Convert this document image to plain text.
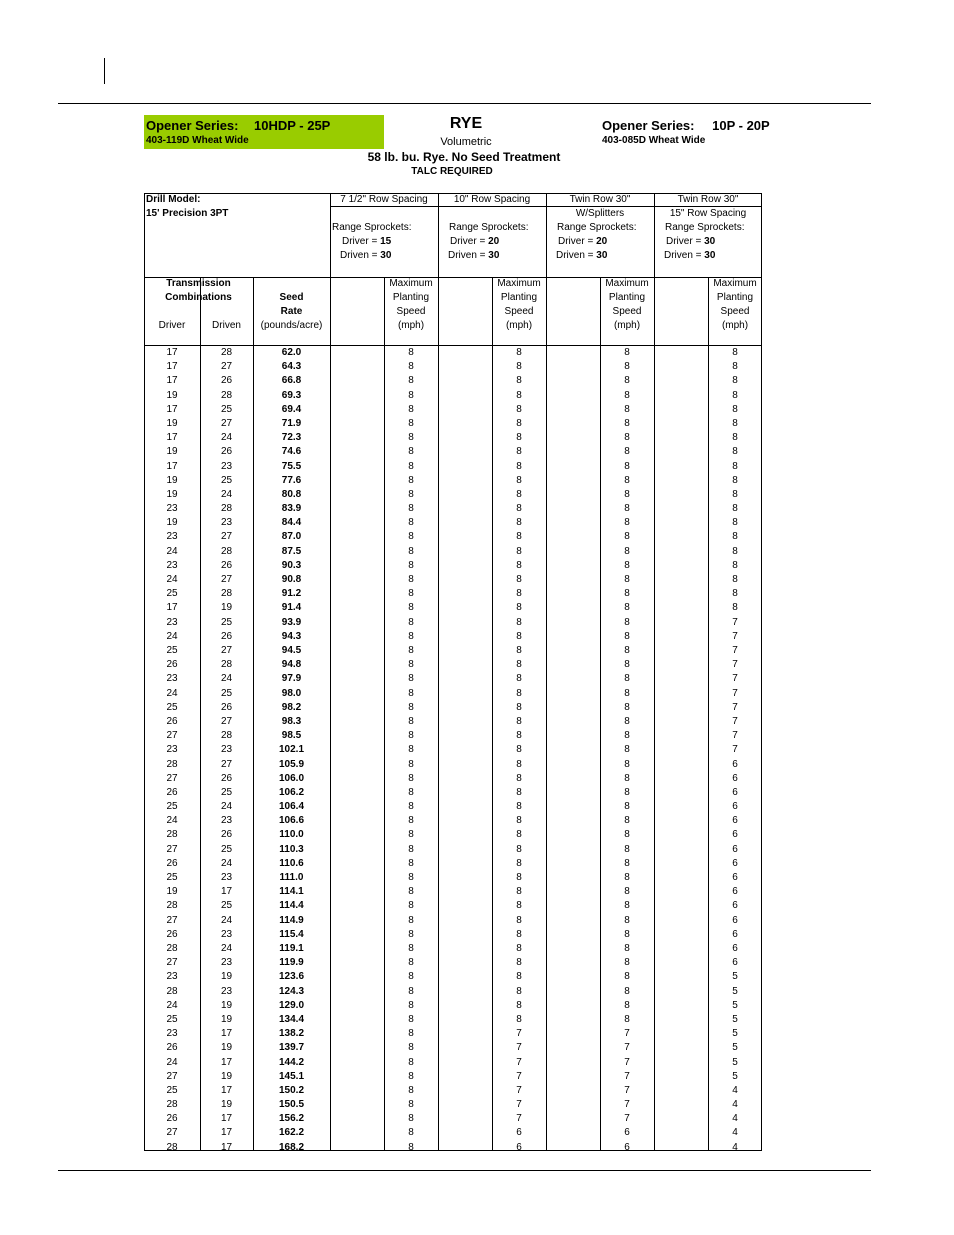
Opener Series: 10HDP - 25P
403-119D Wheat Wide
RYE
Volumetric
58 lb. bu. Rye. No Seed Treatment
TALC REQUIRED
Opener Series: 10P - 20P
403-085D Wheat Wide
Drill Model:
15' Precision 3PT
7 1/2" Row Spacing
Range Sprockets:
Driver = 15
Driven = 30
10" Row Spacing
Range Sprockets:
Driver = 20
Driven = 30
Twin Row 30"
W/Splitters
Range Sprockets:
Driver = 20
Driven = 30
Twin Row 30"
15" Row Spacing
Range Sprockets:
Driver = 30
Driven = 30
Transmission
Combinations
Driver	Driven
Seed
Rate
(pounds/acre)
Maximum
Planting
Speed
(mph)
Maximum
Planting
Speed
(mph)
Maximum
Planting
Speed
(mph)
Maximum
Planting
Speed
(mph)
17	28	62.0	8	8	8	8
17	27	64.3	8	8	8	8
17	26	66.8	8	8	8	8
19	28	69.3	8	8	8	8
17	25	69.4	8	8	8	8
19	27	71.9	8	8	8	8
17	24	72.3	8	8	8	8
19	26	74.6	8	8	8	8
17	23	75.5	8	8	8	8
19	25	77.6	8	8	8	8
19	24	80.8	8	8	8	8
23	28	83.9	8	8	8	8
19	23	84.4	8	8	8	8
23	27	87.0	8	8	8	8
24	28	87.5	8	8	8	8
23	26	90.3	8	8	8	8
24	27	90.8	8	8	8	8
25	28	91.2	8	8	8	8
17	19	91.4	8	8	8	8
23	25	93.9	8	8	8	7
24	26	94.3	8	8	8	7
25	27	94.5	8	8	8	7
26	28	94.8	8	8	8	7
23	24	97.9	8	8	8	7
24	25	98.0	8	8	8	7
25	26	98.2	8	8	8	7
26	27	98.3	8	8	8	7
27	28	98.5	8	8	8	7
23	23	102.1	8	8	8	7
28	27	105.9	8	8	8	6
27	26	106.0	8	8	8	6
26	25	106.2	8	8	8	6
25	24	106.4	8	8	8	6
24	23	106.6	8	8	8	6
28	26	110.0	8	8	8	6
27	25	110.3	8	8	8	6
26	24	110.6	8	8	8	6
25	23	111.0	8	8	8	6
19	17	114.1	8	8	8	6
28	25	114.4	8	8	8	6
27	24	114.9	8	8	8	6
26	23	115.4	8	8	8	6
28	24	119.1	8	8	8	6
27	23	119.9	8	8	8	6
23	19	123.6	8	8	8	5
28	23	124.3	8	8	8	5
24	19	129.0	8	8	8	5
25	19	134.4	8	8	8	5
23	17	138.2	8	7	7	5
26	19	139.7	8	7	7	5
24	17	144.2	8	7	7	5
27	19	145.1	8	7	7	5
25	17	150.2	8	7	7	4
28	19	150.5	8	7	7	4
26	17	156.2	8	7	7	4
27	17	162.2	8	6	6	4
28	17	168.2	8	6	6	4
